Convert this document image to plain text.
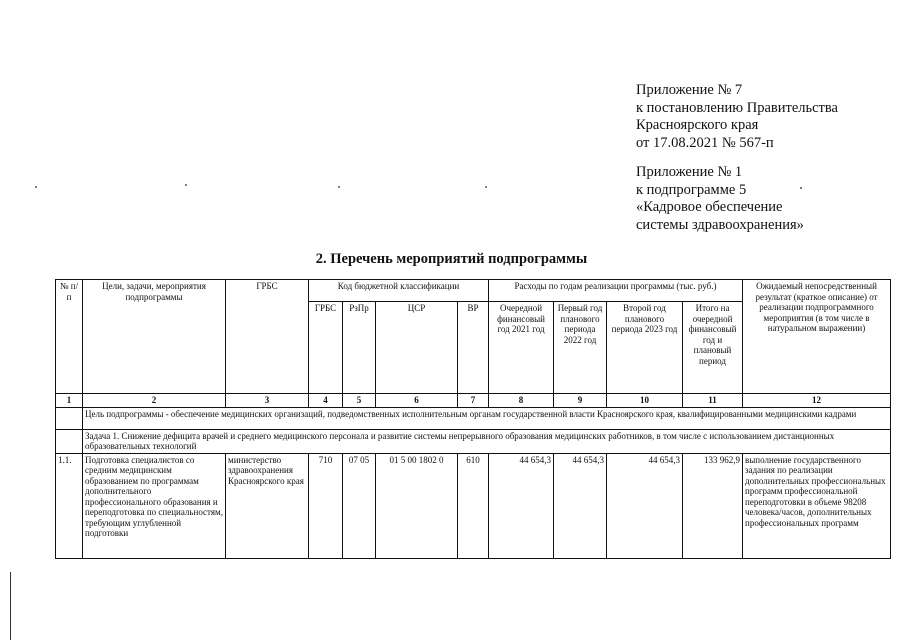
Приложение № 7
к постановлению Правительства
Красноярского края
от 17.08.2021 № 567-п
Приложение № 1
к подпрограмме 5
«Кадровое обеспечение
системы здравоохранения»
2. Перечень мероприятий подпрограммы
№ п/п	Цели, задачи, мероприятия подпрограммы	ГРБС	Код бюджетной классификации				Расходы по годам реализации программы (тыс. руб.)				Ожидаемый непосредственный результат (краткое описание) от реализации подпрограммного мероприятия (в том числе в натуральном выражении)
			ГРБС	РзПр	ЦСР	ВР	Очередной финансовый год 2021 год	Первый год планового периода 2022 год	Второй год планового периода 2023 год	Итого на очередной финансовый год и плановый период	
1	2	3	4	5	6	7	8	9	10	11	12
	Цель подпрограммы - обеспечение медицинских организаций, подведомственных исполнительным органам государственной власти Красноярского края, квалифицированными медицинскими кадрами										
	Задача 1. Снижение дефицита врачей и среднего медицинского персонала и развитие системы непрерывного образования медицинских работников, в том числе с использованием дистанционных образовательных технологий										
1.1.	Подготовка специалистов со средним медицинским образованием по программам дополнительного профессионального образования и переподготовка по специальностям, требующим углубленной подготовки	министерство здравоохранения Красноярского края	710	07 05	01 5 00 1802 0	610	44 654,3	44 654,3	44 654,3	133 962,9	выполнение государственного задания по реализации дополнительных профессиональных программ профессиональной переподготовки в объеме 98208 человека/часов, дополнительных профессиональных программ
